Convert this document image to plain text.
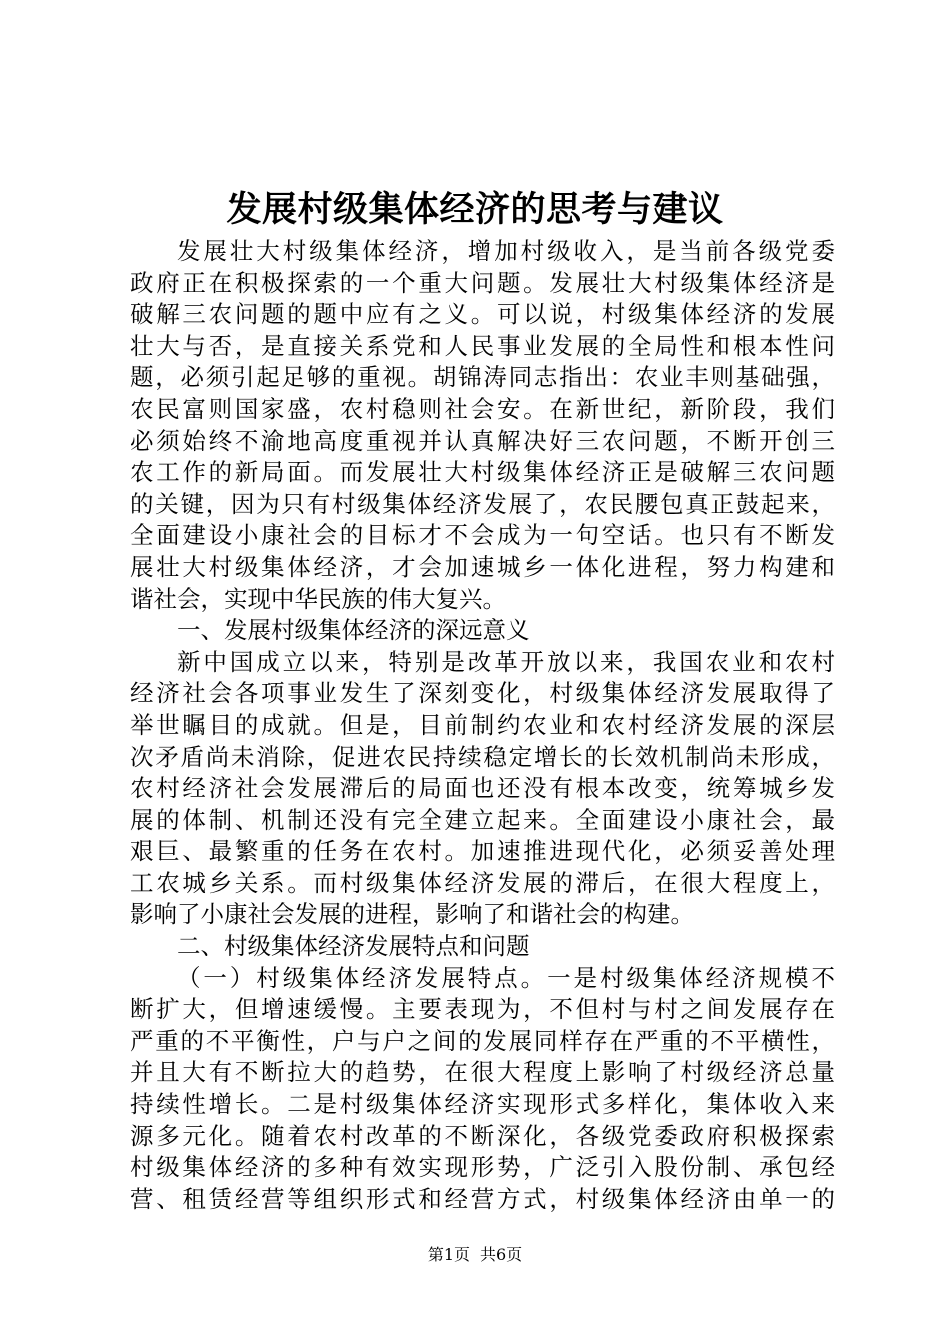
发展村级集体经济的思考与建议
发展壮大村级集体经济，增加村级收入，是当前各级党委
政府正在积极探索的一个重大问题。发展壮大村级集体经济是
破解三农问题的题中应有之义。可以说，村级集体经济的发展
壮大与否，是直接关系党和人民事业发展的全局性和根本性问
题，必须引起足够的重视。胡锦涛同志指出：农业丰则基础强，
农民富则国家盛，农村稳则社会安。在新世纪，新阶段，我们
必须始终不渝地高度重视并认真解决好三农问题，不断开创三
农工作的新局面。而发展壮大村级集体经济正是破解三农问题
的关键，因为只有村级集体经济发展了，农民腰包真正鼓起来，
全面建设小康社会的目标才不会成为一句空话。也只有不断发
展壮大村级集体经济，才会加速城乡一体化进程，努力构建和
谐社会，实现中华民族的伟大复兴。
一、发展村级集体经济的深远意义
新中国成立以来，特别是改革开放以来，我国农业和农村
经济社会各项事业发生了深刻变化，村级集体经济发展取得了
举世瞩目的成就。但是，目前制约农业和农村经济发展的深层
次矛盾尚未消除，促进农民持续稳定增长的长效机制尚未形成，
农村经济社会发展滞后的局面也还没有根本改变，统筹城乡发
展的体制、机制还没有完全建立起来。全面建设小康社会，最
艰巨、最繁重的任务在农村。加速推进现代化，必须妥善处理
工农城乡关系。而村级集体经济发展的滞后，在很大程度上，
影响了小康社会发展的进程，影响了和谐社会的构建。
二、村级集体经济发展特点和问题
（一）村级集体经济发展特点。一是村级集体经济规模不
断扩大，但增速缓慢。主要表现为，不但村与村之间发展存在
严重的不平衡性，户与户之间的发展同样存在严重的不平横性，
并且大有不断拉大的趋势，在很大程度上影响了村级经济总量
持续性增长。二是村级集体经济实现形式多样化，集体收入来
源多元化。随着农村改革的不断深化，各级党委政府积极探索
村级集体经济的多种有效实现形势，广泛引入股份制、承包经
营、租赁经营等组织形式和经营方式，村级集体经济由单一的
第1页 共6页
